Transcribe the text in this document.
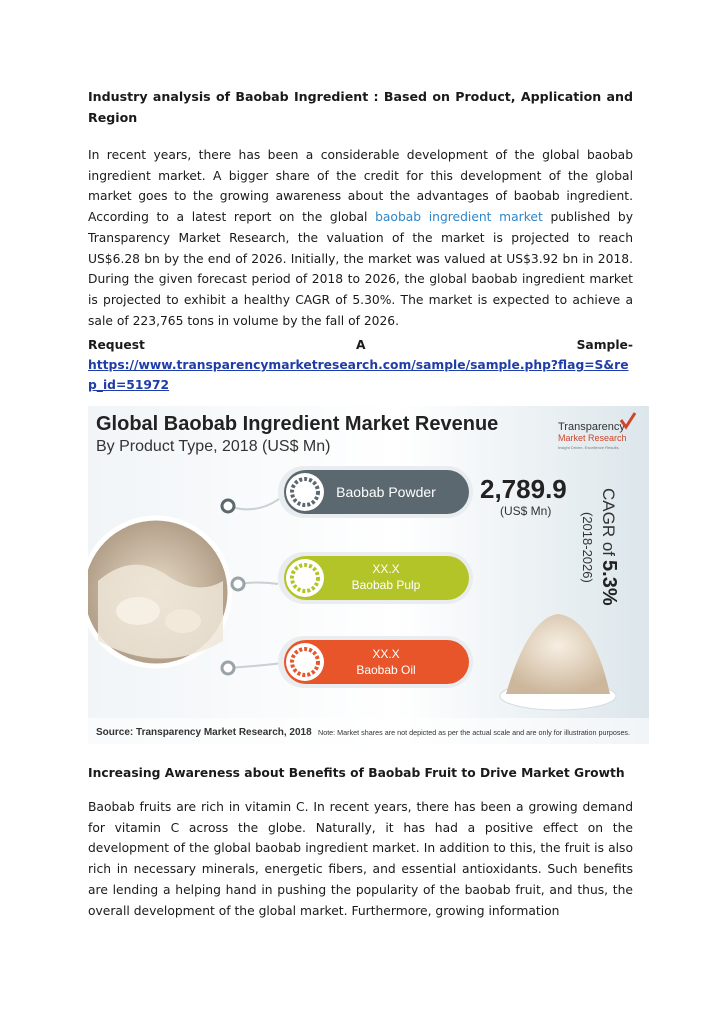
Industry analysis of Baobab Ingredient : Based on Product, Application and Region
In recent years, there has been a considerable development of the global baobab ingredient market. A bigger share of the credit for this development of the global market goes to the growing awareness about the advantages of baobab ingredient. According to a latest report on the global baobab ingredient market published by Transparency Market Research, the valuation of the market is projected to reach US$6.28 bn by the end of 2026. Initially, the market was valued at US$3.92 bn in 2018. During the given forecast period of 2018 to 2026, the global baobab ingredient market is projected to exhibit a healthy CAGR of 5.30%. The market is expected to achieve a sale of 223,765 tons in volume by the fall of 2026.
Request	A	Sample-
https://www.transparencymarketresearch.com/sample/sample.php?flag=S&rep_id=51972
Global Baobab Ingredient Market Revenue
By Product Type, 2018 (US$ Mn)
Transparency
Market Research
Insight Driven. Excellence Results.
Baobab Powder
XX.X
Baobab Pulp
XX.X
Baobab Oil
2,789.9
(US$ Mn)	CAGR of5.3%
(2018-2026)
Source: Transparency Market Research, 2018 Note: Market shares are not depicted as per the actual scale and are only for illustration purposes.
Increasing Awareness about Benefits of Baobab Fruit to Drive Market Growth
Baobab fruits are rich in vitamin C. In recent years, there has been a growing demand for vitamin C across the globe. Naturally, it has had a positive effect on the development of the global baobab ingredient market. In addition to this, the fruit is also rich in necessary minerals, energetic fibers, and essential antioxidants. Such benefits are lending a helping hand in pushing the popularity of the baobab fruit, and thus, the overall development of the global market. Furthermore, growing information
